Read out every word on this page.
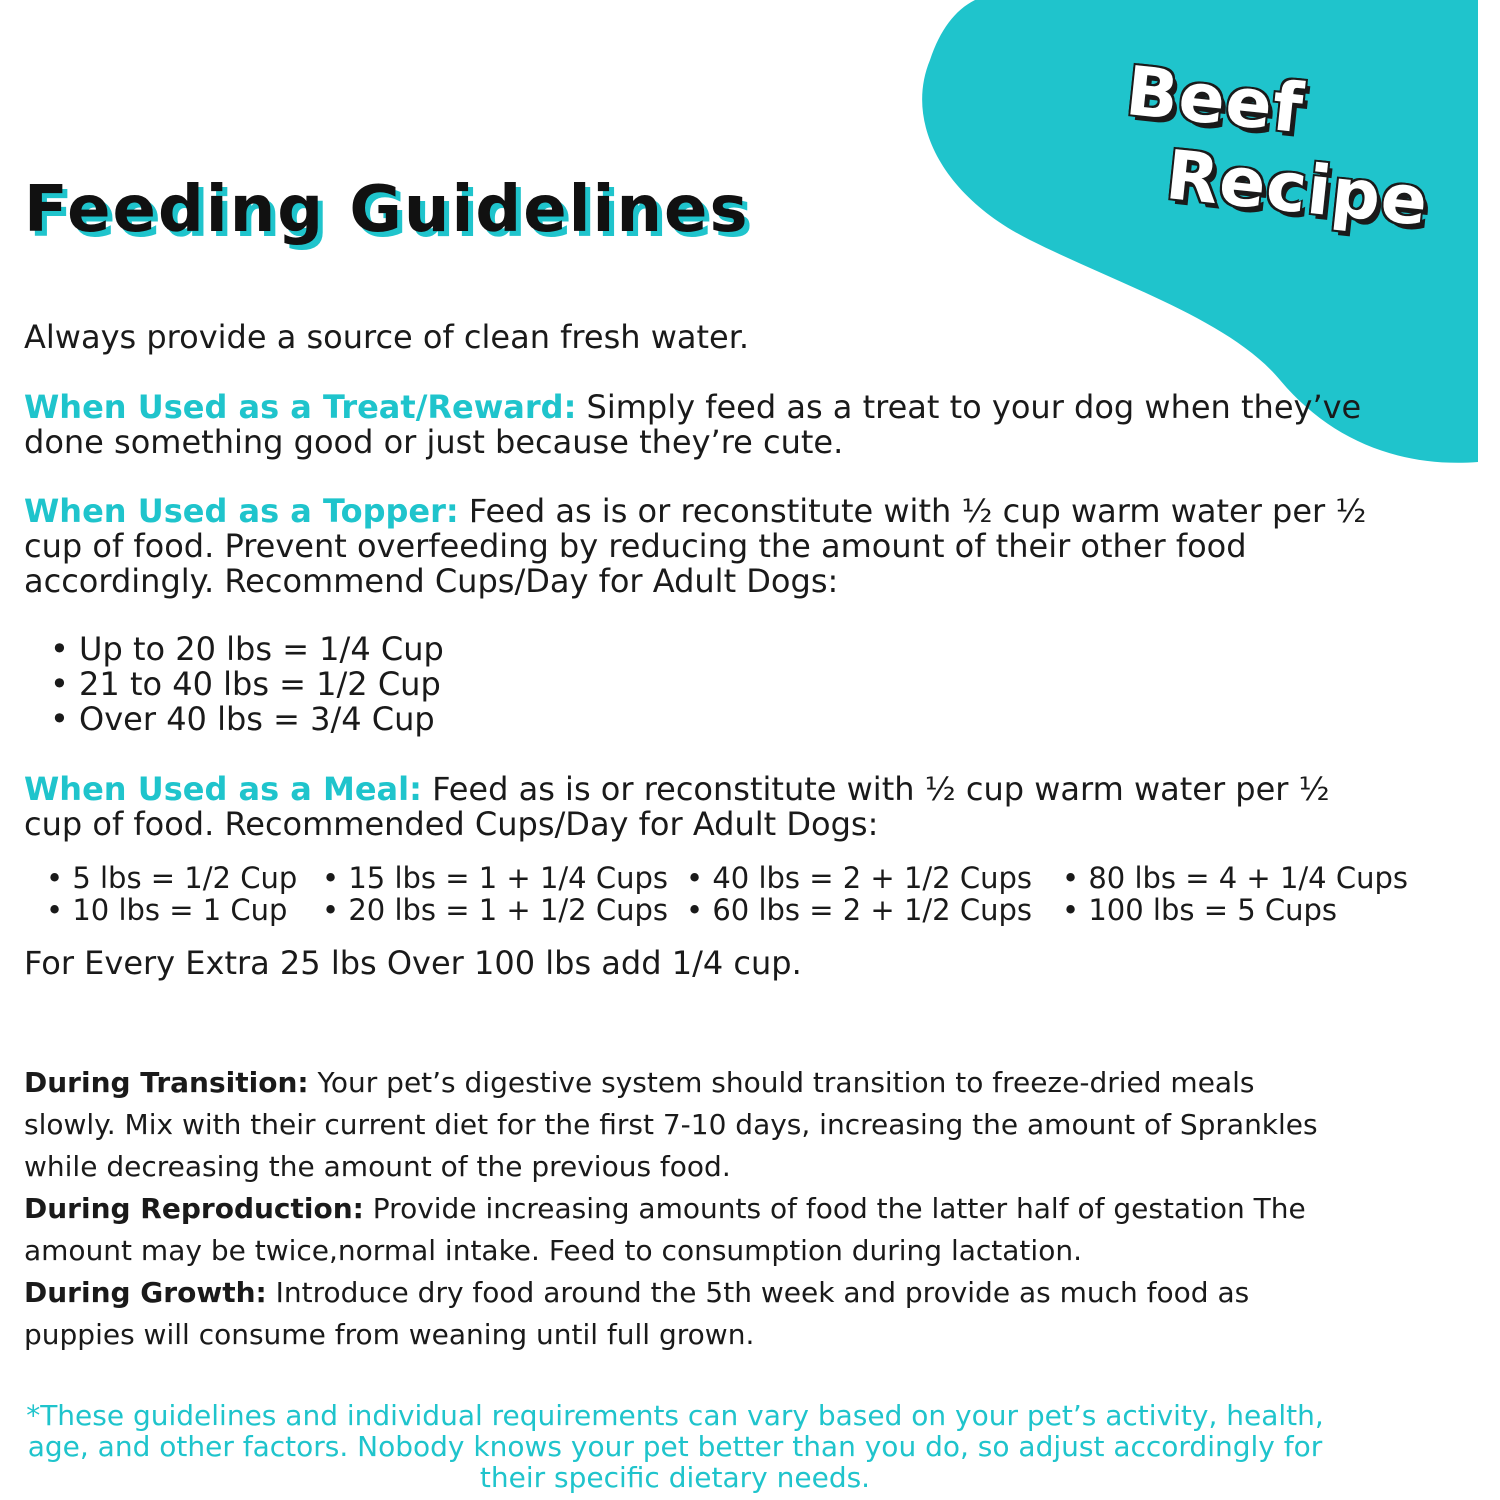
Beef
Recipe
Feeding Guidelines

Always provide a source of clean fresh water.

When Used as a Treat/Reward: Simply feed as a treat to your dog when they’ve done something good or just because they’re cute.

When Used as a Topper: Feed as is or reconstitute with ½ cup warm water per ½ cup of food. Prevent overfeeding by reducing the amount of their other food accordingly. Recommend Cups/Day for Adult Dogs:

• Up to 20 lbs = 1/4 Cup
• 21 to 40 lbs = 1/2 Cup
• Over 40 lbs = 3/4 Cup

When Used as a Meal: Feed as is or reconstitute with ½ cup warm water per ½ cup of food. Recommended Cups/Day for Adult Dogs:

• 5 lbs = 1/2 Cup
• 10 lbs = 1 Cup
• 15 lbs = 1 + 1/4 Cups
• 20 lbs = 1 + 1/2 Cups
• 40 lbs = 2 + 1/2 Cups
• 60 lbs = 2 + 1/2 Cups
• 80 lbs = 4 + 1/4 Cups
• 100 lbs = 5 Cups

For Every Extra 25 lbs Over 100 lbs add 1/4 cup.

During Transition: Your pet’s digestive system should transition to freeze-dried meals slowly. Mix with their current diet for the first 7-10 days, increasing the amount of Sprankles while decreasing the amount of the previous food.

During Reproduction: Provide increasing amounts of food the latter half of gestation The amount may be twice,normal intake. Feed to consumption during lactation.

During Growth: Introduce dry food around the 5th week and provide as much food as puppies will consume from weaning until full grown.

*These guidelines and individual requirements can vary based on your pet’s activity, health, age, and other factors. Nobody knows your pet better than you do, so adjust accordingly for their specific dietary needs.
